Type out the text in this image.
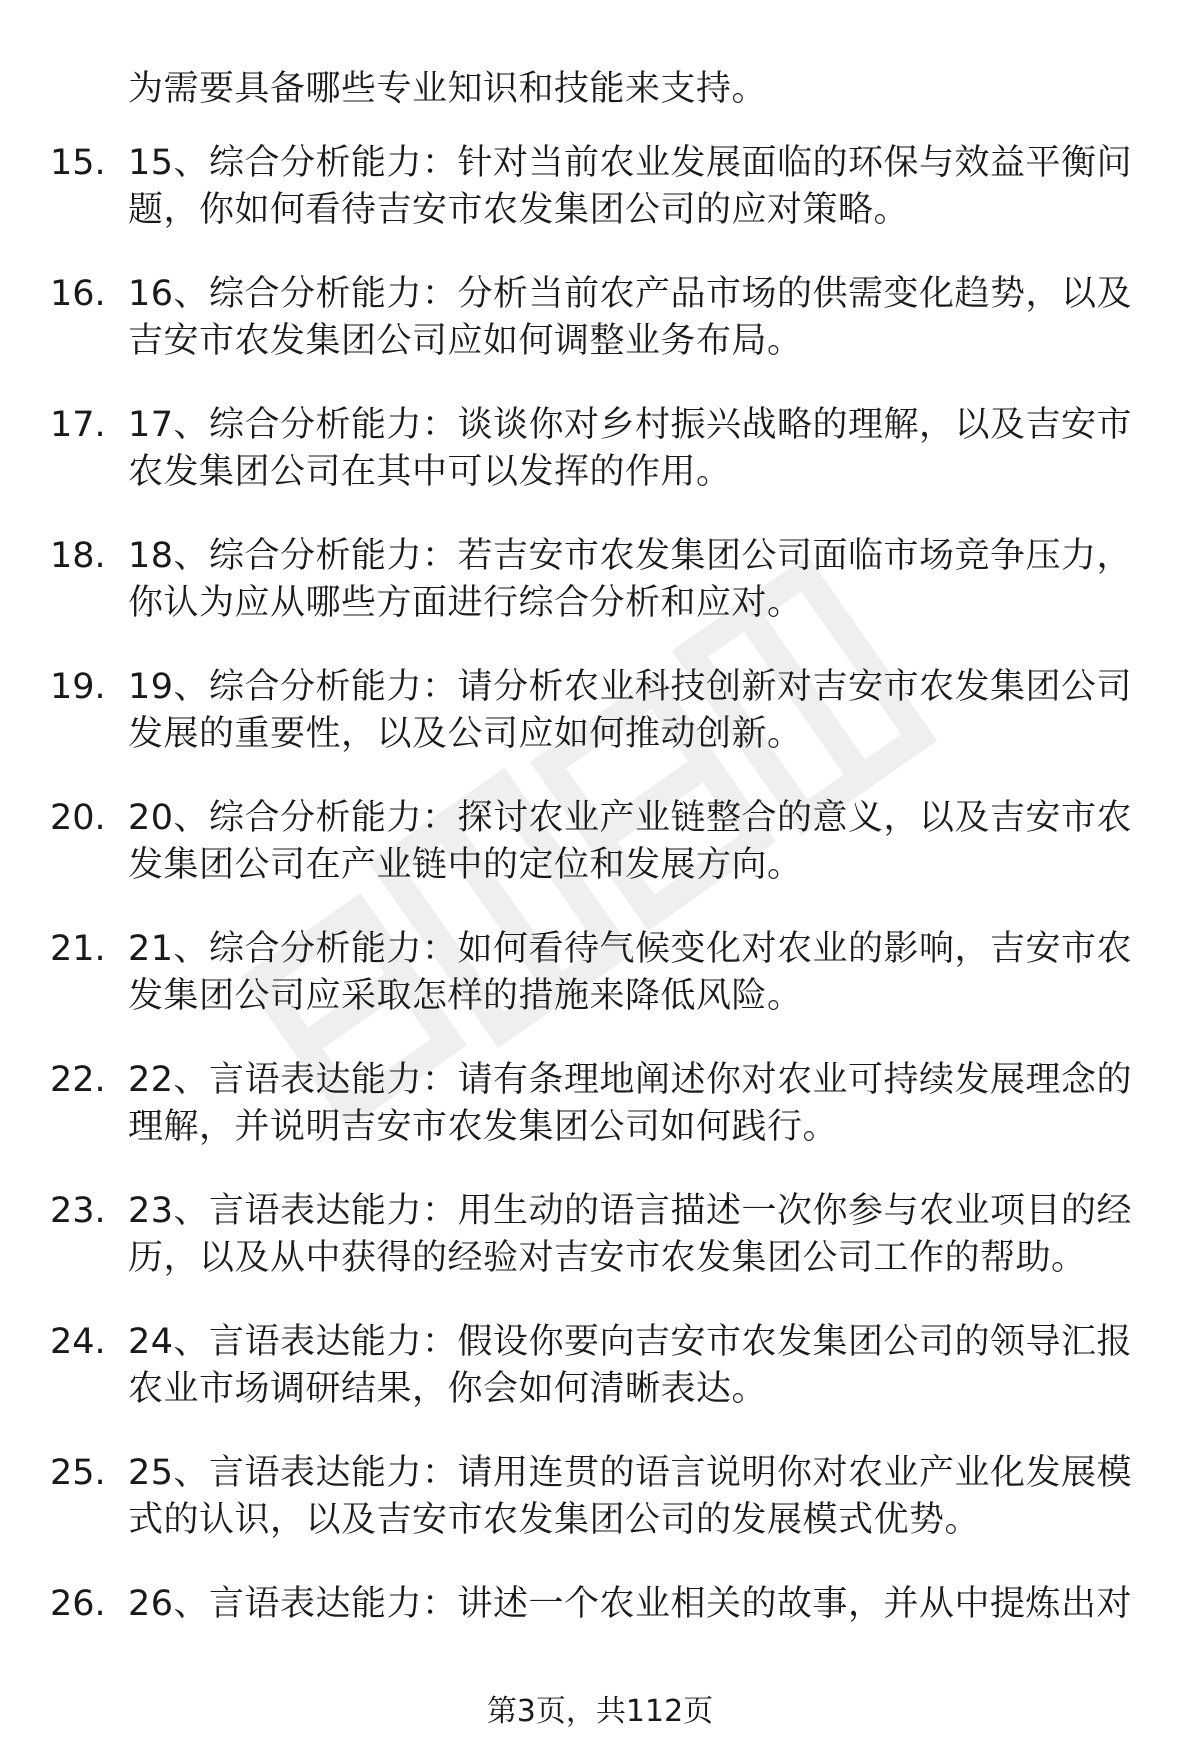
为需要具备哪些专业知识和技能来支持。
15. 15、综合分析能力：针对当前农业发展面临的环保与效益平衡问题，你如何看待吉安市农发集团公司的应对策略。
16. 16、综合分析能力：分析当前农产品市场的供需变化趋势，以及吉安市农发集团公司应如何调整业务布局。
17. 17、综合分析能力：谈谈你对乡村振兴战略的理解，以及吉安市农发集团公司在其中可以发挥的作用。
18. 18、综合分析能力：若吉安市农发集团公司面临市场竞争压力，你认为应从哪些方面进行综合分析和应对。
19. 19、综合分析能力：请分析农业科技创新对吉安市农发集团公司发展的重要性，以及公司应如何推动创新。
20. 20、综合分析能力：探讨农业产业链整合的意义，以及吉安市农发集团公司在产业链中的定位和发展方向。
21. 21、综合分析能力：如何看待气候变化对农业的影响，吉安市农发集团公司应采取怎样的措施来降低风险。
22. 22、言语表达能力：请有条理地阐述你对农业可持续发展理念的理解，并说明吉安市农发集团公司如何践行。
23. 23、言语表达能力：用生动的语言描述一次你参与农业项目的经历，以及从中获得的经验对吉安市农发集团公司工作的帮助。
24. 24、言语表达能力：假设你要向吉安市农发集团公司的领导汇报农业市场调研结果，你会如何清晰表达。
25. 25、言语表达能力：请用连贯的语言说明你对农业产业化发展模式的认识，以及吉安市农发集团公司的发展模式优势。
26. 26、言语表达能力：讲述一个农业相关的故事，并从中提炼出对
第3页，共112页
